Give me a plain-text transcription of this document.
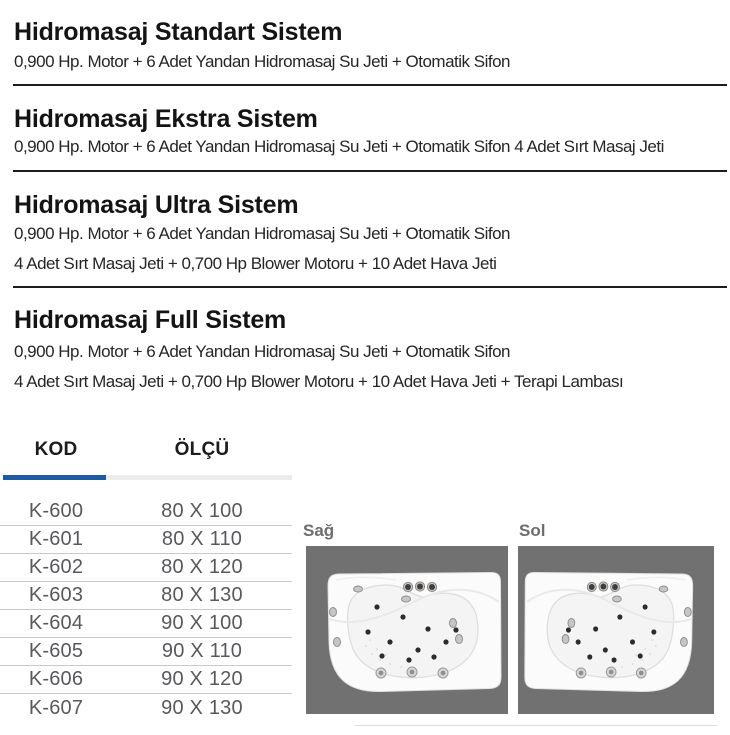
Hidromasaj Standart Sistem

0,900 Hp. Motor + 6 Adet Yandan Hidromasaj Su Jeti + Otomatik Sifon

Hidromasaj Ekstra Sistem

0,900 Hp. Motor + 6 Adet Yandan Hidromasaj Su Jeti + Otomatik Sifon 4 Adet Sırt Masaj Jeti

Hidromasaj Ultra Sistem

0,900 Hp. Motor + 6 Adet Yandan Hidromasaj Su Jeti + Otomatik Sifon

4 Adet Sırt Masaj Jeti + 0,700 Hp Blower Motoru + 10 Adet Hava Jeti

Hidromasaj Full Sistem

0,900 Hp. Motor + 6 Adet Yandan Hidromasaj Su Jeti + Otomatik Sifon

4 Adet Sırt Masaj Jeti + 0,700 Hp Blower Motoru + 10 Adet Hava Jeti + Terapi Lambası

KOD	ÖLÇÜ
K-600	80 X 100
K-601	80 X 110
K-602	80 X 120
K-603	80 X 130
K-604	90 X 100
K-605	90 X 110
K-606	90 X 120
K-607	90 X 130
Sağ	Sol
